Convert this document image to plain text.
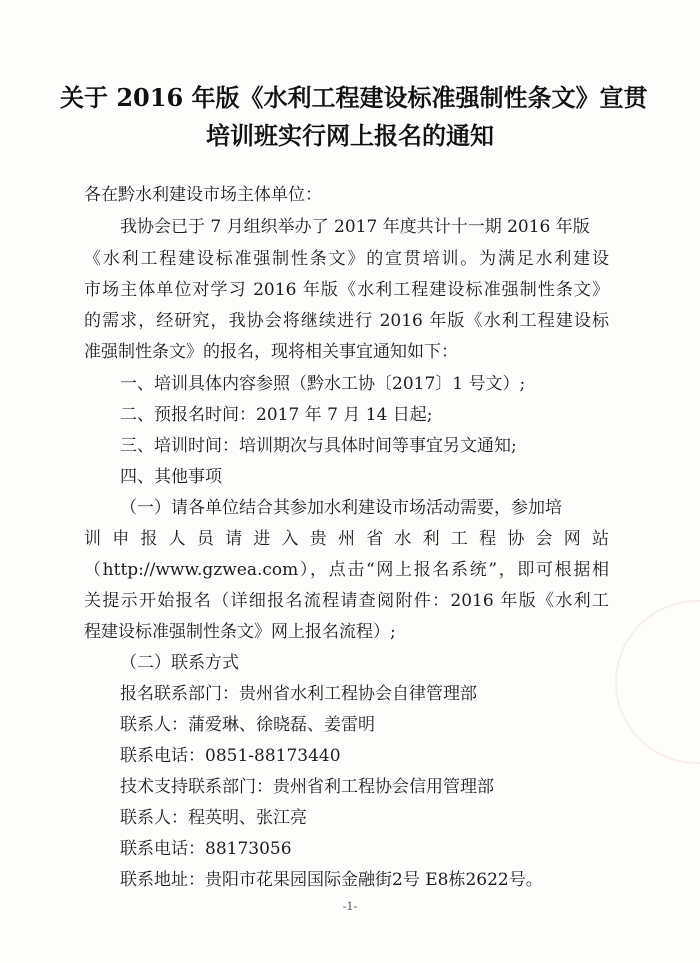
关于 2016 年版《水利工程建设标准强制性条文》宣贯
培训班实行网上报名的通知
各在黔水利建设市场主体单位：
我协会已于 7 月组织举办了 2017 年度共计十一期 2016 年版
《水利工程建设标准强制性条文》的宣贯培训。为满足水利建设
市场主体单位对学习 2016 年版《水利工程建设标准强制性条文》
的需求，经研究，我协会将继续进行 2016 年版《水利工程建设标
准强制性条文》的报名，现将相关事宜通知如下：
一、培训具体内容参照（黔水工协〔2017〕1 号文）;
二、预报名时间：2017 年 7 月 14 日起;
三、培训时间：培训期次与具体时间等事宜另文通知;
四、其他事项
（一）请各单位结合其参加水利建设市场活动需要，参加培
训 申 报 人 员 请 进 入 贵 州 省 水 利 工 程 协 会 网 站
（http://www.gzwea.com），点击“网上报名系统”，即可根据相
关提示开始报名（详细报名流程请查阅附件：2016 年版《水利工
程建设标准强制性条文》网上报名流程）;
（二）联系方式
报名联系部门：贵州省水利工程协会自律管理部
联系人：蒲爱琳、徐晓磊、姜雷明
联系电话：0851-88173440
技术支持联系部门：贵州省利工程协会信用管理部
联系人：程英明、张江亮
联系电话：88173056
联系地址：贵阳市花果园国际金融街2号 E8栋2622号。
-1-
